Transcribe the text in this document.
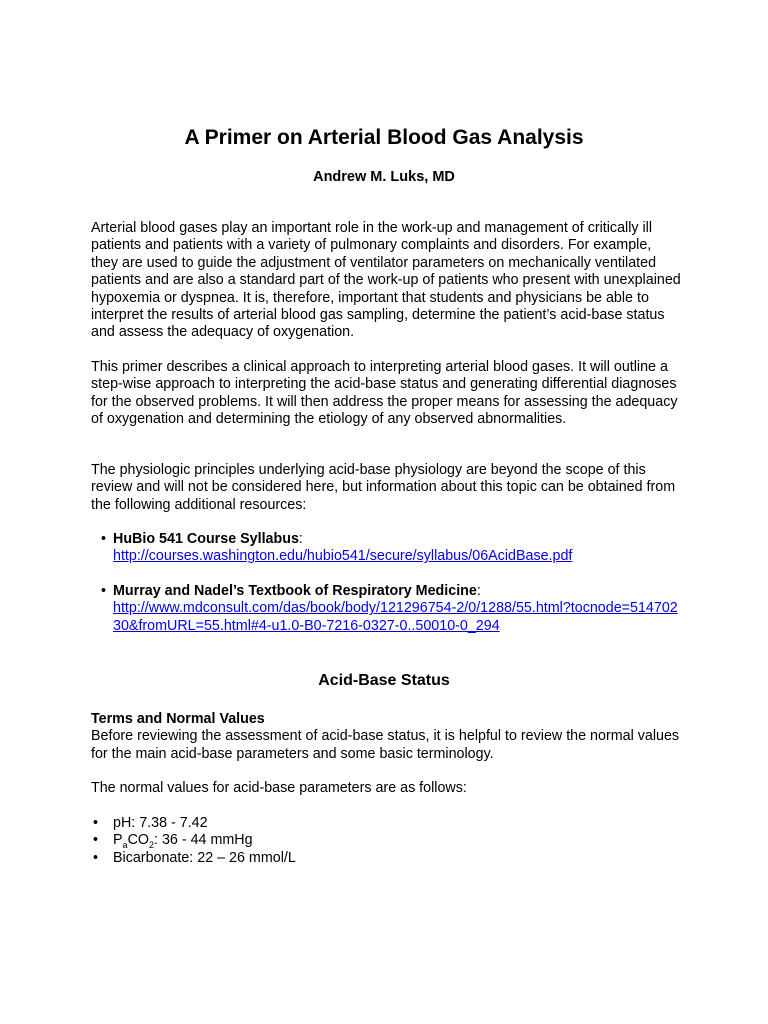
A Primer on Arterial Blood Gas Analysis
Andrew M. Luks, MD

Arterial blood gases play an important role in the work-up and management of critically ill patients and patients with a variety of pulmonary complaints and disorders. For example, they are used to guide the adjustment of ventilator parameters on mechanically ventilated patients and are also a standard part of the work-up of patients who present with unexplained hypoxemia or dyspnea. It is, therefore, important that students and physicians be able to interpret the results of arterial blood gas sampling, determine the patient’s acid-base status and assess the adequacy of oxygenation.

This primer describes a clinical approach to interpreting arterial blood gases. It will outline a step-wise approach to interpreting the acid-base status and generating differential diagnoses for the observed problems. It will then address the proper means for assessing the adequacy of oxygenation and determining the etiology of any observed abnormalities.

The physiologic principles underlying acid-base physiology are beyond the scope of this review and will not be considered here, but information about this topic can be obtained from the following additional resources:

• HuBio 541 Course Syllabus:
http://courses.washington.edu/hubio541/secure/syllabus/06AcidBase.pdf
• Murray and Nadel’s Textbook of Respiratory Medicine:
http://www.mdconsult.com/das/book/body/121296754-2/0/1288/55.html?tocnode=51470230&fromURL=55.html#4-u1.0-B0-7216-0327-0..50010-0_294
Acid-Base Status
Terms and Normal Values
Before reviewing the assessment of acid-base status, it is helpful to review the normal values for the main acid-base parameters and some basic terminology.

The normal values for acid-base parameters are as follows:

• pH: 7.38 - 7.42
• $P_aCO_2$: 36 - 44 mmHg
• Bicarbonate: 22 – 26 mmol/L
